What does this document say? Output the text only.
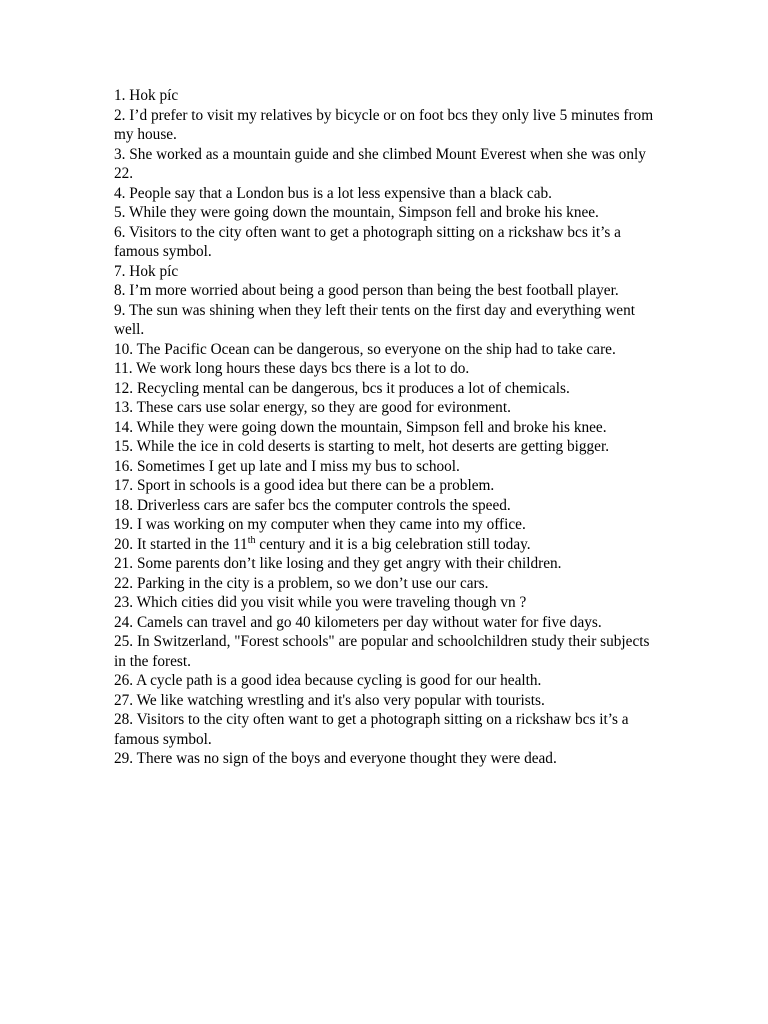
1. Hok píc

2. I’d prefer to visit my relatives by bicycle or on foot bcs they only live 5 minutes from my house.

3. She worked as a mountain guide and she climbed Mount Everest when she was only 22.

4. People say that a London bus is a lot less expensive than a black cab.

5. While they were going down the mountain, Simpson fell and broke his knee.

6. Visitors to the city often want to get a photograph sitting on a rickshaw bcs it’s a famous symbol.

7. Hok píc

8. I’m more worried about being a good person than being the best football player.

9. The sun was shining when they left their tents on the first day and everything went well.

10. The Pacific Ocean can be dangerous, so everyone on the ship had to take care.

11. We work long hours these days bcs there is a lot to do.

12. Recycling mental can be dangerous, bcs it produces a lot of chemicals.

13. These cars use solar energy, so they are good for evironment.

14. While they were going down the mountain, Simpson fell and broke his knee.

15. While the ice in cold deserts is starting to melt, hot deserts are getting bigger.

16. Sometimes I get up late and I miss my bus to school.

17. Sport in schools is a good idea but there can be a problem.

18. Driverless cars are safer bcs the computer controls the speed.

19. I was working on my computer when they came into my office.

20. It started in the 11th century and it is a big celebration still today.

21. Some parents don’t like losing and they get angry with their children.

22. Parking in the city is a problem, so we don’t use our cars.

23. Which cities did you visit while you were traveling though vn ?

24. Camels can travel and go 40 kilometers per day without water for five days.

25. In Switzerland, "Forest schools" are popular and schoolchildren study their subjects in the forest.

26. A cycle path is a good idea because cycling is good for our health.

27. We like watching wrestling and it's also very popular with tourists.

28. Visitors to the city often want to get a photograph sitting on a rickshaw bcs it’s a famous symbol.

29. There was no sign of the boys and everyone thought they were dead.
